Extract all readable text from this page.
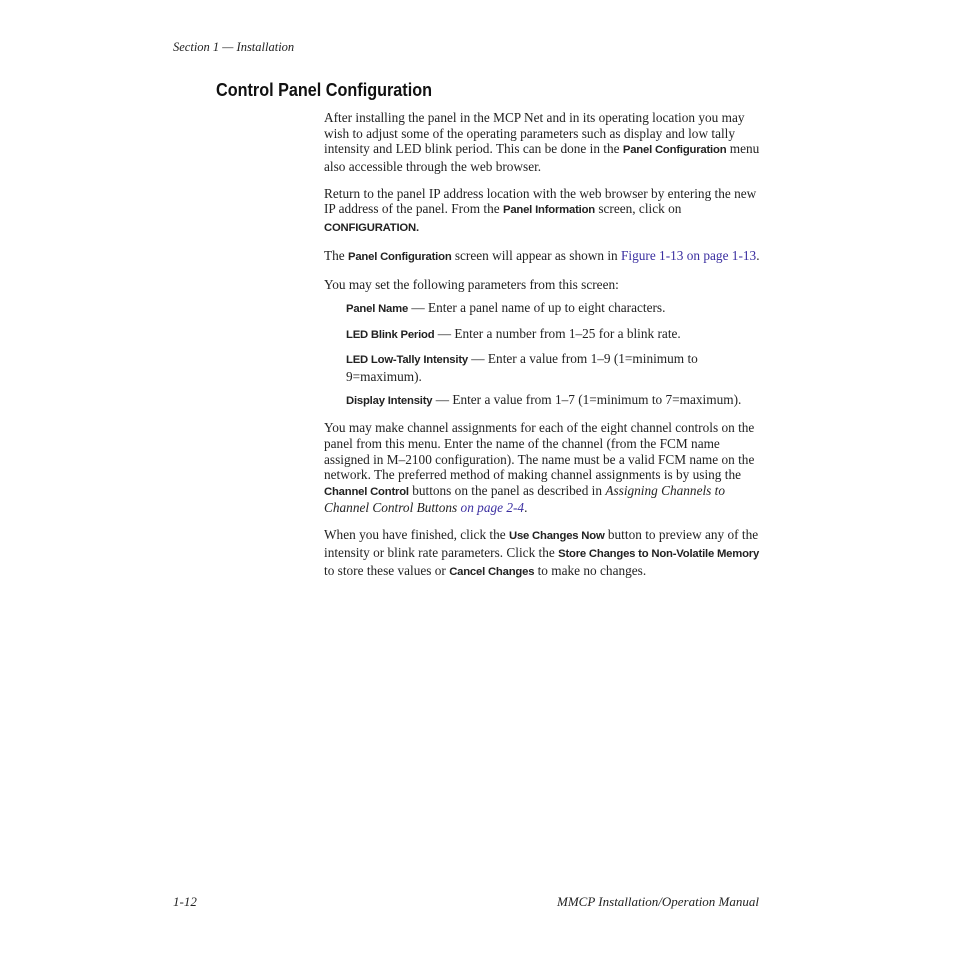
Section 1 — Installation
Control Panel Configuration

After installing the panel in the MCP Net and in its operating location you may wish to adjust some of the operating parameters such as display and low tally intensity and LED blink period. This can be done in the Panel Configuration menu also accessible through the web browser.

Return to the panel IP address location with the web browser by entering the new IP address of the panel. From the Panel Information screen, click on
CONFIGURATION.

The Panel Configuration screen will appear as shown in Figure 1-13 on page 1-13.

You may set the following parameters from this screen:

Panel Name — Enter a panel name of up to eight characters.
LED Blink Period — Enter a number from 1–25 for a blink rate.
LED Low-Tally Intensity — Enter a value from 1–9 (1=minimum to 9=maximum).
Display Intensity — Enter a value from 1–7 (1=minimum to 7=maximum).

You may make channel assignments for each of the eight channel controls on the panel from this menu. Enter the name of the channel (from the FCM name assigned in M–2100 configuration). The name must be a valid FCM name on the network. The preferred method of making channel assignments is by using the Channel Control buttons on the panel as described in Assigning Channels to Channel Control Buttons on page 2-4.

When you have finished, click the Use Changes Now button to preview any of the intensity or blink rate parameters. Click the Store Changes to Non-Volatile Memory to store these values or Cancel Changes to make no changes.

1-12	MMCP Installation/Operation Manual
